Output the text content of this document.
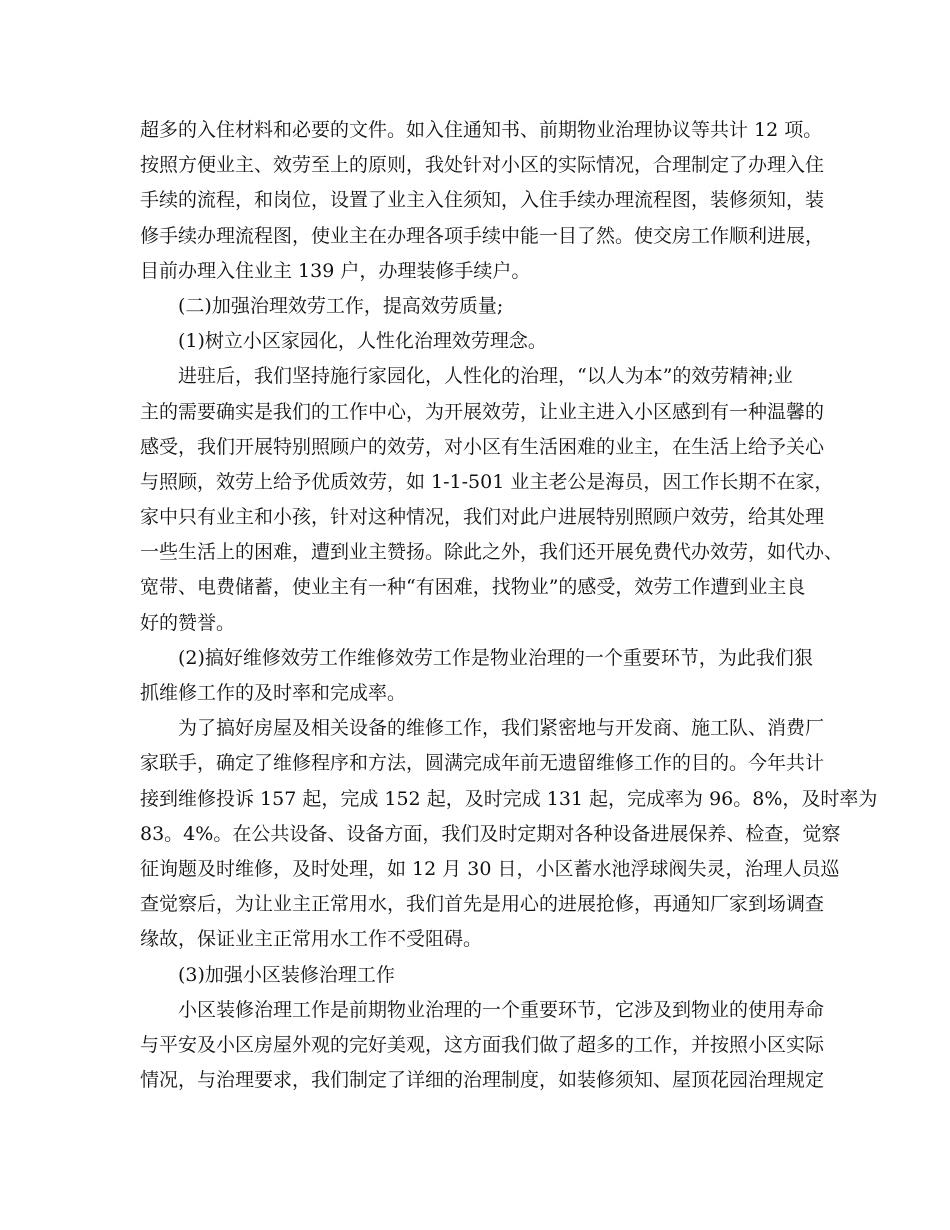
超多的入住材料和必要的文件。如入住通知书、前期物业治理协议等共计 12 项。
按照方便业主、效劳至上的原则，我处针对小区的实际情况，合理制定了办理入住
手续的流程，和岗位，设置了业主入住须知，入住手续办理流程图，装修须知，装
修手续办理流程图，使业主在办理各项手续中能一目了然。使交房工作顺利进展，
目前办理入住业主 139 户，办理装修手续户。
(二)加强治理效劳工作，提高效劳质量;
(1)树立小区家园化，人性化治理效劳理念。
进驻后，我们坚持施行家园化，人性化的治理，“以人为本”的效劳精神;业
主的需要确实是我们的工作中心，为开展效劳，让业主进入小区感到有一种温馨的
感受，我们开展特别照顾户的效劳，对小区有生活困难的业主，在生活上给予关心
与照顾，效劳上给予优质效劳，如 1-1-501 业主老公是海员，因工作长期不在家，
家中只有业主和小孩，针对这种情况，我们对此户进展特别照顾户效劳，给其处理
一些生活上的困难，遭到业主赞扬。除此之外，我们还开展免费代办效劳，如代办、
宽带、电费储蓄，使业主有一种“有困难，找物业”的感受，效劳工作遭到业主良
好的赞誉。
(2)搞好维修效劳工作维修效劳工作是物业治理的一个重要环节，为此我们狠
抓维修工作的及时率和完成率。
为了搞好房屋及相关设备的维修工作，我们紧密地与开发商、施工队、消费厂
家联手，确定了维修程序和方法，圆满完成年前无遗留维修工作的目的。今年共计
接到维修投诉 157 起，完成 152 起，及时完成 131 起，完成率为 96。8%，及时率为
83。4%。在公共设备、设备方面，我们及时定期对各种设备进展保养、检查，觉察
征询题及时维修，及时处理，如 12 月 30 日，小区蓄水池浮球阀失灵，治理人员巡
查觉察后，为让业主正常用水，我们首先是用心的进展抢修，再通知厂家到场调查
缘故，保证业主正常用水工作不受阻碍。
(3)加强小区装修治理工作
小区装修治理工作是前期物业治理的一个重要环节，它涉及到物业的使用寿命
与平安及小区房屋外观的完好美观，这方面我们做了超多的工作，并按照小区实际
情况，与治理要求，我们制定了详细的治理制度，如装修须知、屋顶花园治理规定
